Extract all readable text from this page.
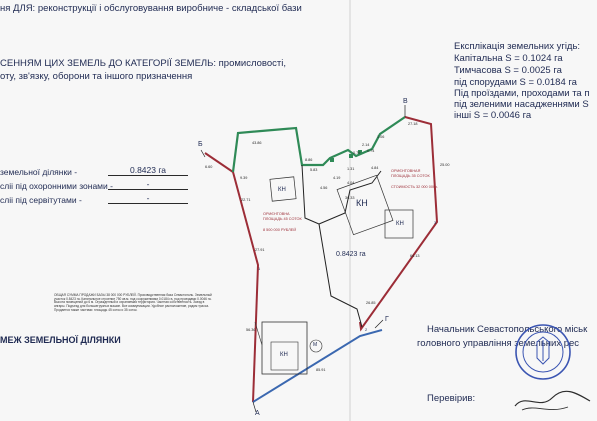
ня ДЛЯ: реконструкції і обслуговування виробниче - складської бази
СЕННЯМ ЦИХ ЗЕМЕЛЬ ДО КАТЕГОРІЇ ЗЕМЕЛЬ: промисловості,
оту, зв'язку, оборони та іншого призначення
земельної ділянки -	0.8423 га
сліі під охоронними зонами -	-
сліі під сервітутами -	-
Експлікація земельних угідь:
Капітальна S = 0.1024 га
Тимчасова S = 0.0025 га
під спорудами S = 0.0184 га
Під проїздами, проходами та п
під зеленими насадженнями S
інші S = 0.0046 га
Б
В
Г
А
43.86
27.18
6.60
9.39
22.71
27.91
4.56
8.86
2.14
1.31
4.19
0.79 0.74
1.06
25.00
26.85
56.36
36.33
64.13
85.91
5.83
4.04
4.84
КН
КН
КН
КН
М
0.8423 га
1
2
3
ОРИЄНТОВНА
ПЛОЩАДЬ 45 СОТОК
8 500 000 РУБЛЕЙ
ОРИЄНТОВНАЯ
ПЛОЩАДЬ 35 СОТОК
СТОИМОСТЬ 32 000 000р.
МЕЖ ЗЕМЕЛЬНОЇ ДІЛЯНКИ
ОБЩАЯ СУММА ПРОДАЖИ БАЗЫ 38 000 000 РУБЛЕЙ. Производственная база Севастополь. Земельный участок 0.8423 га. Капитальное строение 750 кв.м. под сооружениями 0.0184 га, под проездами 0.0046 га. Высота помещений до 6 м. Огражденный и охраняемая территория. Частная собственность. Заезд в ангары. Подъезд для большегрузных машин. Все коммуникации. Удобное расположение, рядом трасса. Продается также частями: площадь 45 соток и 35 соток.
Начальник Севастопольського міськ
головного управління земельних рес
Перевірив:
